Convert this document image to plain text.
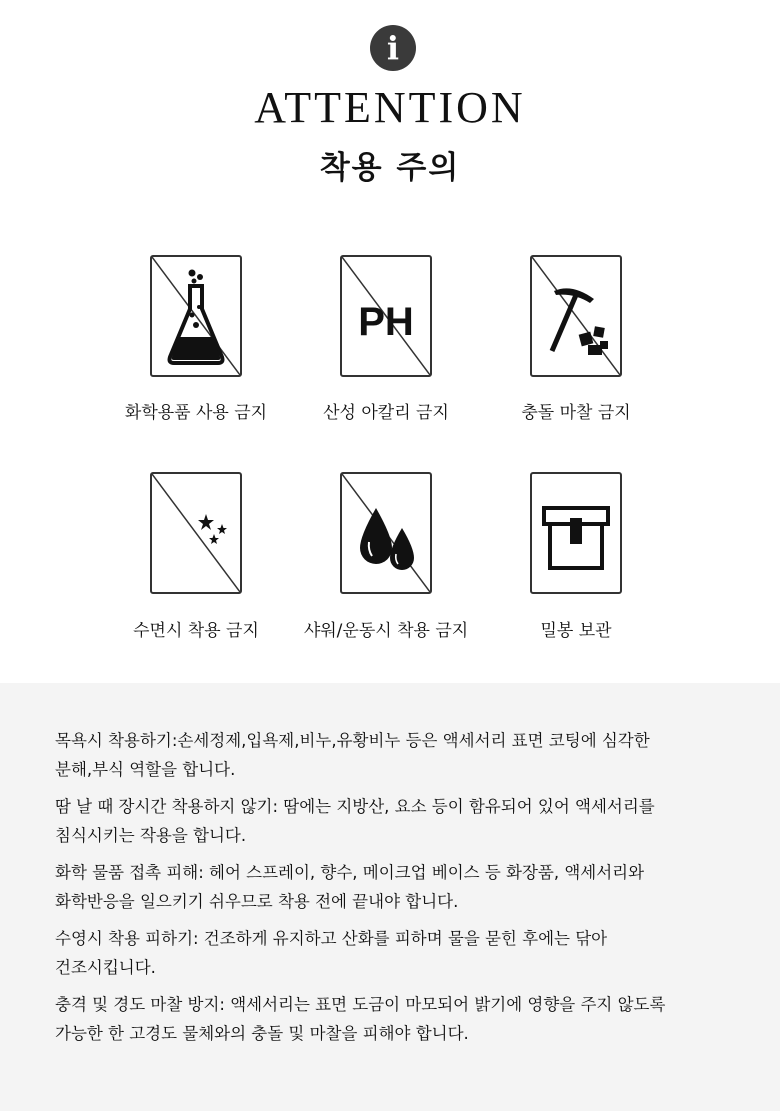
i
ATTENTION
착용 주의
화학용품 사용 금지
PH
산성 아칼리 금지	충돌 마찰 금지
수면시 착용 금지	샤워/운동시 착용 금지	밀봉 보관
목욕시 착용하기:손세정제,입욕제,비누,유황비누 등은 액세서리 표면 코팅에 심각한
분해,부식 역할을 합니다.
땀 날 때 장시간 착용하지 않기: 땀에는 지방산, 요소 등이 함유되어 있어 액세서리를
침식시키는 작용을 합니다.
화학 물품 접촉 피해: 헤어 스프레이, 향수, 메이크업 베이스 등 화장품, 액세서리와
화학반응을 일으키기 쉬우므로 착용 전에 끝내야 합니다.
수영시 착용 피하기: 건조하게 유지하고 산화를 피하며 물을 묻힌 후에는 닦아
건조시킵니다.
충격 및 경도 마찰 방지: 액세서리는 표면 도금이 마모되어 밝기에 영향을 주지 않도록
가능한 한 고경도 물체와의 충돌 및 마찰을 피해야 합니다.
